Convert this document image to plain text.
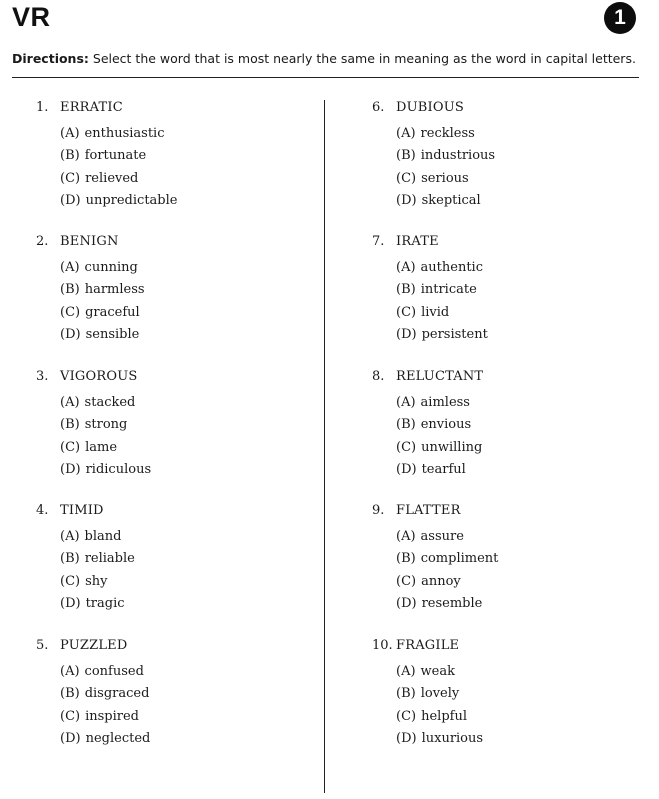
VR	1
Directions: Select the word that is most nearly the same in meaning as the word in capital letters.
1. ERRATIC
(A) enthusiastic
(B) fortunate
(C) relieved
(D) unpredictable
2. BENIGN
(A) cunning
(B) harmless
(C) graceful
(D) sensible
3. VIGOROUS
(A) stacked
(B) strong
(C) lame
(D) ridiculous
4. TIMID
(A) bland
(B) reliable
(C) shy
(D) tragic
5. PUZZLED
(A) confused
(B) disgraced
(C) inspired
(D) neglected
6. DUBIOUS
(A) reckless
(B) industrious
(C) serious
(D) skeptical
7. IRATE
(A) authentic
(B) intricate
(C) livid
(D) persistent
8. RELUCTANT
(A) aimless
(B) envious
(C) unwilling
(D) tearful
9. FLATTER
(A) assure
(B) compliment
(C) annoy
(D) resemble
10. FRAGILE
(A) weak
(B) lovely
(C) helpful
(D) luxurious
